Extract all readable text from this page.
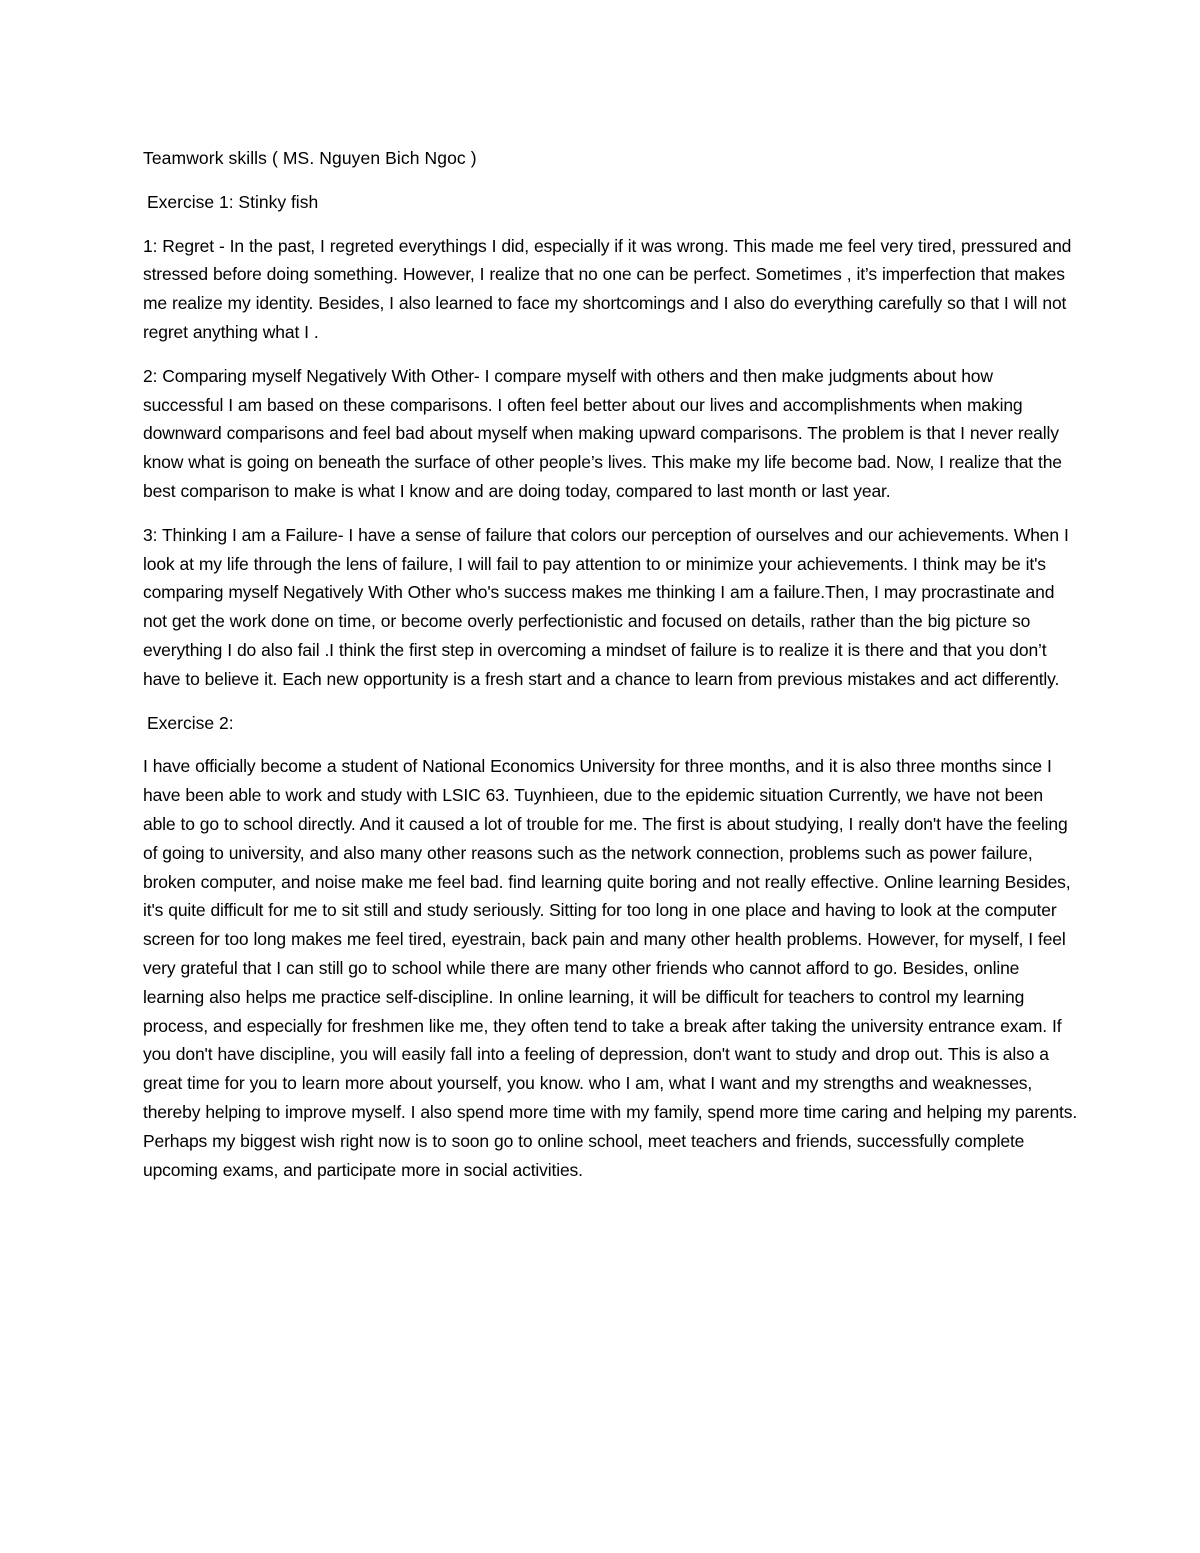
Teamwork skills ( MS. Nguyen Bich Ngoc )

Exercise 1: Stinky fish

1: Regret - In the past, I regreted everythings I did, especially if it was wrong. This made me feel very tired, pressured and stressed before doing something. However, I realize that no one can be perfect. Sometimes , it’s imperfection that makes me realize my identity. Besides, I also learned to face my shortcomings and I also do everything carefully so that I will not regret anything what I .

2: Comparing myself Negatively With Other- I compare myself with others and then make judgments about how successful I am based on these comparisons. I often feel better about our lives and accomplishments when making downward comparisons and feel bad about myself when making upward comparisons. The problem is that I never really know what is going on beneath the surface of other people’s lives. This make my life become bad. Now, I realize that the best comparison to make is what I know and are doing today, compared to last month or last year.

3: Thinking I am a Failure- I have a sense of failure that colors our perception of ourselves and our achievements. When I look at my life through the lens of failure, I will fail to pay attention to or minimize your achievements. I think may be it's comparing myself Negatively With Other who's success makes me thinking I am a failure.Then, I may procrastinate and not get the work done on time, or become overly perfectionistic and focused on details, rather than the big picture so everything I do also fail .I think the first step in overcoming a mindset of failure is to realize it is there and that you don’t have to believe it. Each new opportunity is a fresh start and a chance to learn from previous mistakes and act differently.

Exercise 2:

I have officially become a student of National Economics University for three months, and it is also three months since I have been able to work and study with LSIC 63. Tuynhieen, due to the epidemic situation Currently, we have not been able to go to school directly. And it caused a lot of trouble for me. The first is about studying, I really don't have the feeling of going to university, and also many other reasons such as the network connection, problems such as power failure, broken computer, and noise make me feel bad. find learning quite boring and not really effective. Online learning Besides, it's quite difficult for me to sit still and study seriously. Sitting for too long in one place and having to look at the computer screen for too long makes me feel tired, eyestrain, back pain and many other health problems. However, for myself, I feel very grateful that I can still go to school while there are many other friends who cannot afford to go. Besides, online learning also helps me practice self-discipline. In online learning, it will be difficult for teachers to control my learning process, and especially for freshmen like me, they often tend to take a break after taking the university entrance exam. If you don't have discipline, you will easily fall into a feeling of depression, don't want to study and drop out. This is also a great time for you to learn more about yourself, you know. who I am, what I want and my strengths and weaknesses, thereby helping to improve myself. I also spend more time with my family, spend more time caring and helping my parents. Perhaps my biggest wish right now is to soon go to online school, meet teachers and friends, successfully complete upcoming exams, and participate more in social activities.
